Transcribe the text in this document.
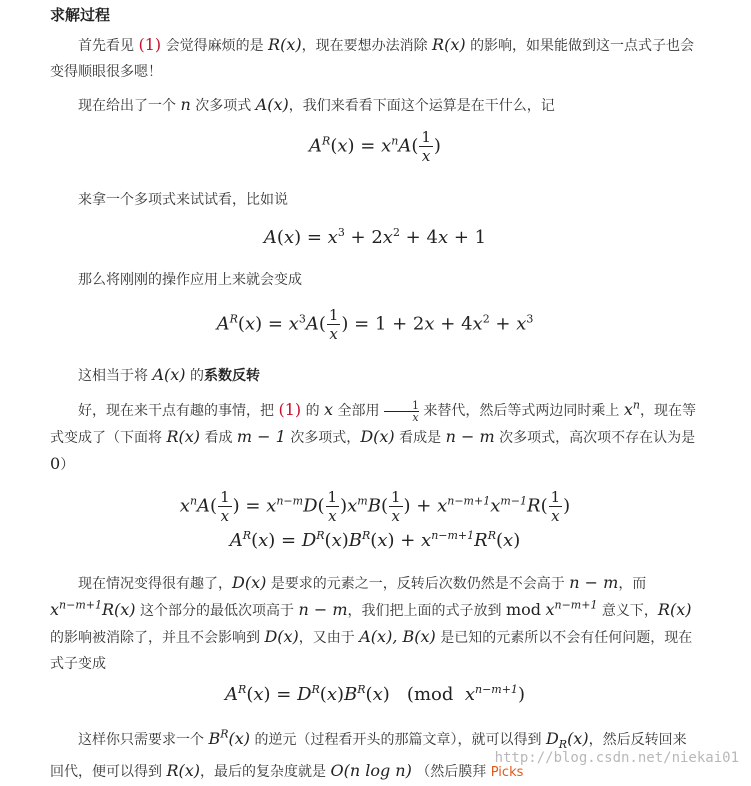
求解过程
首先看见 (1) 会觉得麻烦的是 R(x)，现在要想办法消除 R(x) 的影响，如果能做到这一点式子也会变得顺眼很多嗯！
现在给出了一个 n 次多项式 A(x)，我们来看看下面这个运算是在干什么，记
$A^R(x) = x^nA( \frac{1}{x}$ )
来拿一个多项式来试试看，比如说
$A(x) = x^3 + 2x^2 + 4x + 1$
那么将刚刚的操作应用上来就会变成
$A^R(x) = x^3A( \frac{1}{x}$ ) = $1 + 2x + 4x^2 + x^3$
这相当于将 A(x) 的系数反转
好，现在来干点有趣的事情，把 (1) 的 x 全部用 $\frac{1}{x}$ 来替代，然后等式两边同时乘上 $x^n$，现在等式变成了（下面将 R(x) 看成 m − 1 次多项式，D(x) 看成是 n − m 次多项式，高次项不存在认为是 0）
$x^nA( \frac{1}{x}$ ) = $x^{n-m}D( \frac{1}{x} )x^mB( \frac{1}{x}$ ) + $x^{n-m+1}x^{m-1}R( \frac{1}{x}$ )
$A^R(x) = D^R(x)B^R(x) + x^{n-m+1}R^R(x)$
现在情况变得很有趣了，D(x) 是要求的元素之一，反转后次数仍然是不会高于 n − m，而 $x^{n-m+1}R(x)$ 这个部分的最低次项高于 n − m，我们把上面的式子放到 mod $x^{n-m+1}$ 意义下，R(x) 的影响被消除了，并且不会影响到 D(x)，又由于 A(x), B(x) 是已知的元素所以不会有任何问题，现在式子变成
$A^R(x) = D^R(x)B^R(x)$   (mod  $x^{n-m+1}$)
这样你只需要求一个 $B^R(x)$ 的逆元（过程看开头的那篇文章），就可以得到 $D_R(x)$，然后反转回来回代，便可以得到 R(x)，最后的复杂度就是 O(n log n) （然后膜拜 Picks
http://blog.csdn.net/niekai01
